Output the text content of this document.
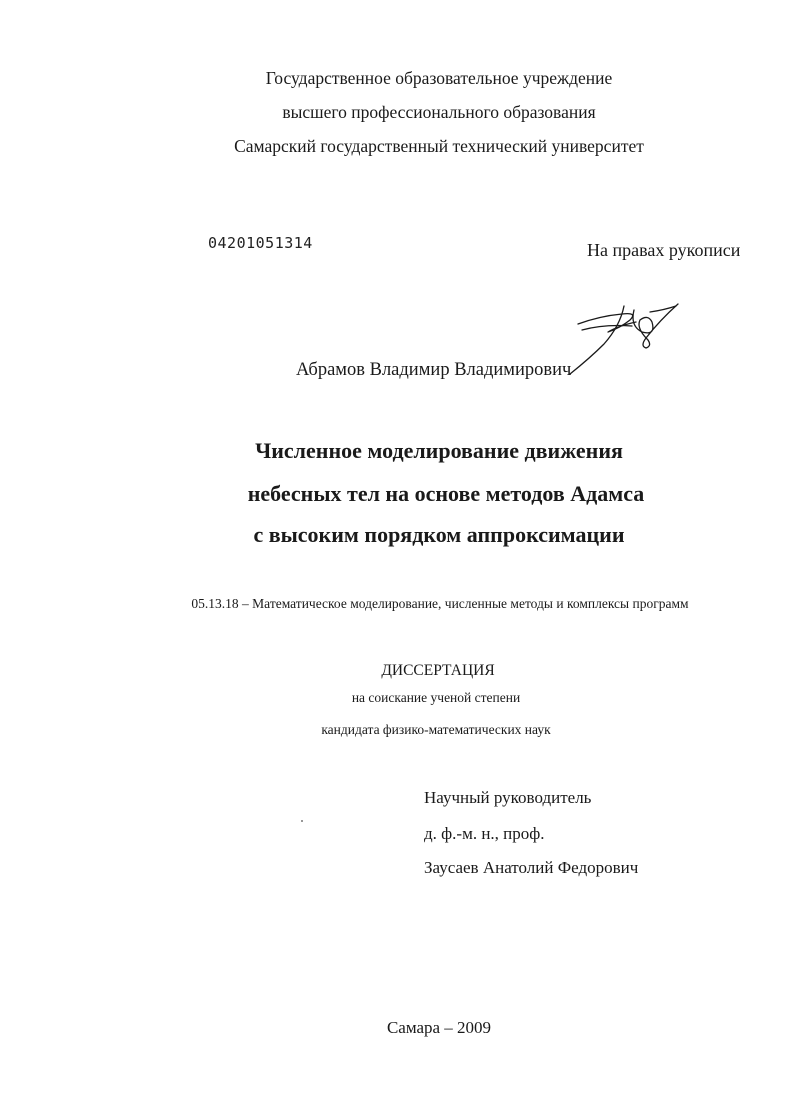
Государственное образовательное учреждение
высшего профессионального образования
Самарский государственный технический университет
04201051314	На правах рукописи
Абрамов Владимир Владимирович
Численное моделирование движения
небесных тел на основе методов Адамса
с высоким порядком аппроксимации
05.13.18 – Математическое моделирование, численные методы и комплексы программ
ДИССЕРТАЦИЯ
на соискание ученой степени
кандидата физико-математических наук
Научный руководитель
д. ф.-м. н., проф.
Заусаев Анатолий Федорович
Самара – 2009
